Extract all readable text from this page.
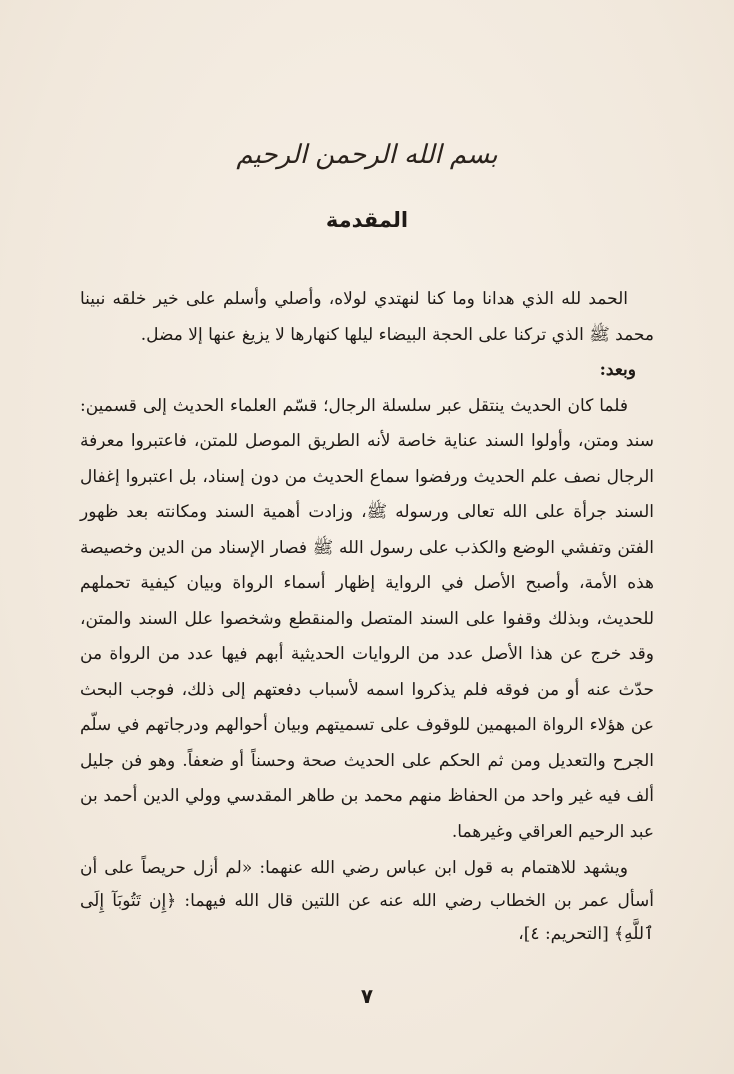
بسم الله الرحمن الرحيم
المقدمة

الحمد لله الذي هدانا وما كنا لنهتدي لولاه، وأصلي وأسلم على خير خلقه نبينا محمد ﷺ الذي تركنا على الحجة البيضاء ليلها كنهارها لا يزيغ عنها إلا مضل.

وبعد:

فلما كان الحديث ينتقل عبر سلسلة الرجال؛ قسّم العلماء الحديث إلى قسمين: سند ومتن، وأولوا السند عناية خاصة لأنه الطريق الموصل للمتن، فاعتبروا معرفة الرجال نصف علم الحديث ورفضوا سماع الحديث من دون إسناد، بل اعتبروا إغفال السند جرأة على الله تعالى ورسوله ﷺ، وزادت أهمية السند ومكانته بعد ظهور الفتن وتفشي الوضع والكذب على رسول الله ﷺ فصار الإسناد من الدين وخصيصة هذه الأمة، وأصبح الأصل في الرواية إظهار أسماء الرواة وبيان كيفية تحملهم للحديث، وبذلك وقفوا على السند المتصل والمنقطع وشخصوا علل السند والمتن، وقد خرج عن هذا الأصل عدد من الروايات الحديثية أبهم فيها عدد من الرواة من حدّث عنه أو من فوقه فلم يذكروا اسمه لأسباب دفعتهم إلى ذلك، فوجب البحث عن هؤلاء الرواة المبهمين للوقوف على تسميتهم وبيان أحوالهم ودرجاتهم في سلّم الجرح والتعديل ومن ثم الحكم على الحديث صحة وحسناً أو ضعفاً. وهو فن جليل ألف فيه غير واحد من الحفاظ منهم محمد بن طاهر المقدسي وولي الدين أحمد بن عبد الرحيم العراقي وغيرهما.

ويشهد للاهتمام به قول ابن عباس رضي الله عنهما: «لم أزل حريصاً على أن أسأل عمر بن الخطاب رضي الله عنه عن اللتين قال الله فيهما: ﴿إِن تَتُوبَآ إِلَى ٱللَّهِ﴾ [التحريم: ٤]،

٧
